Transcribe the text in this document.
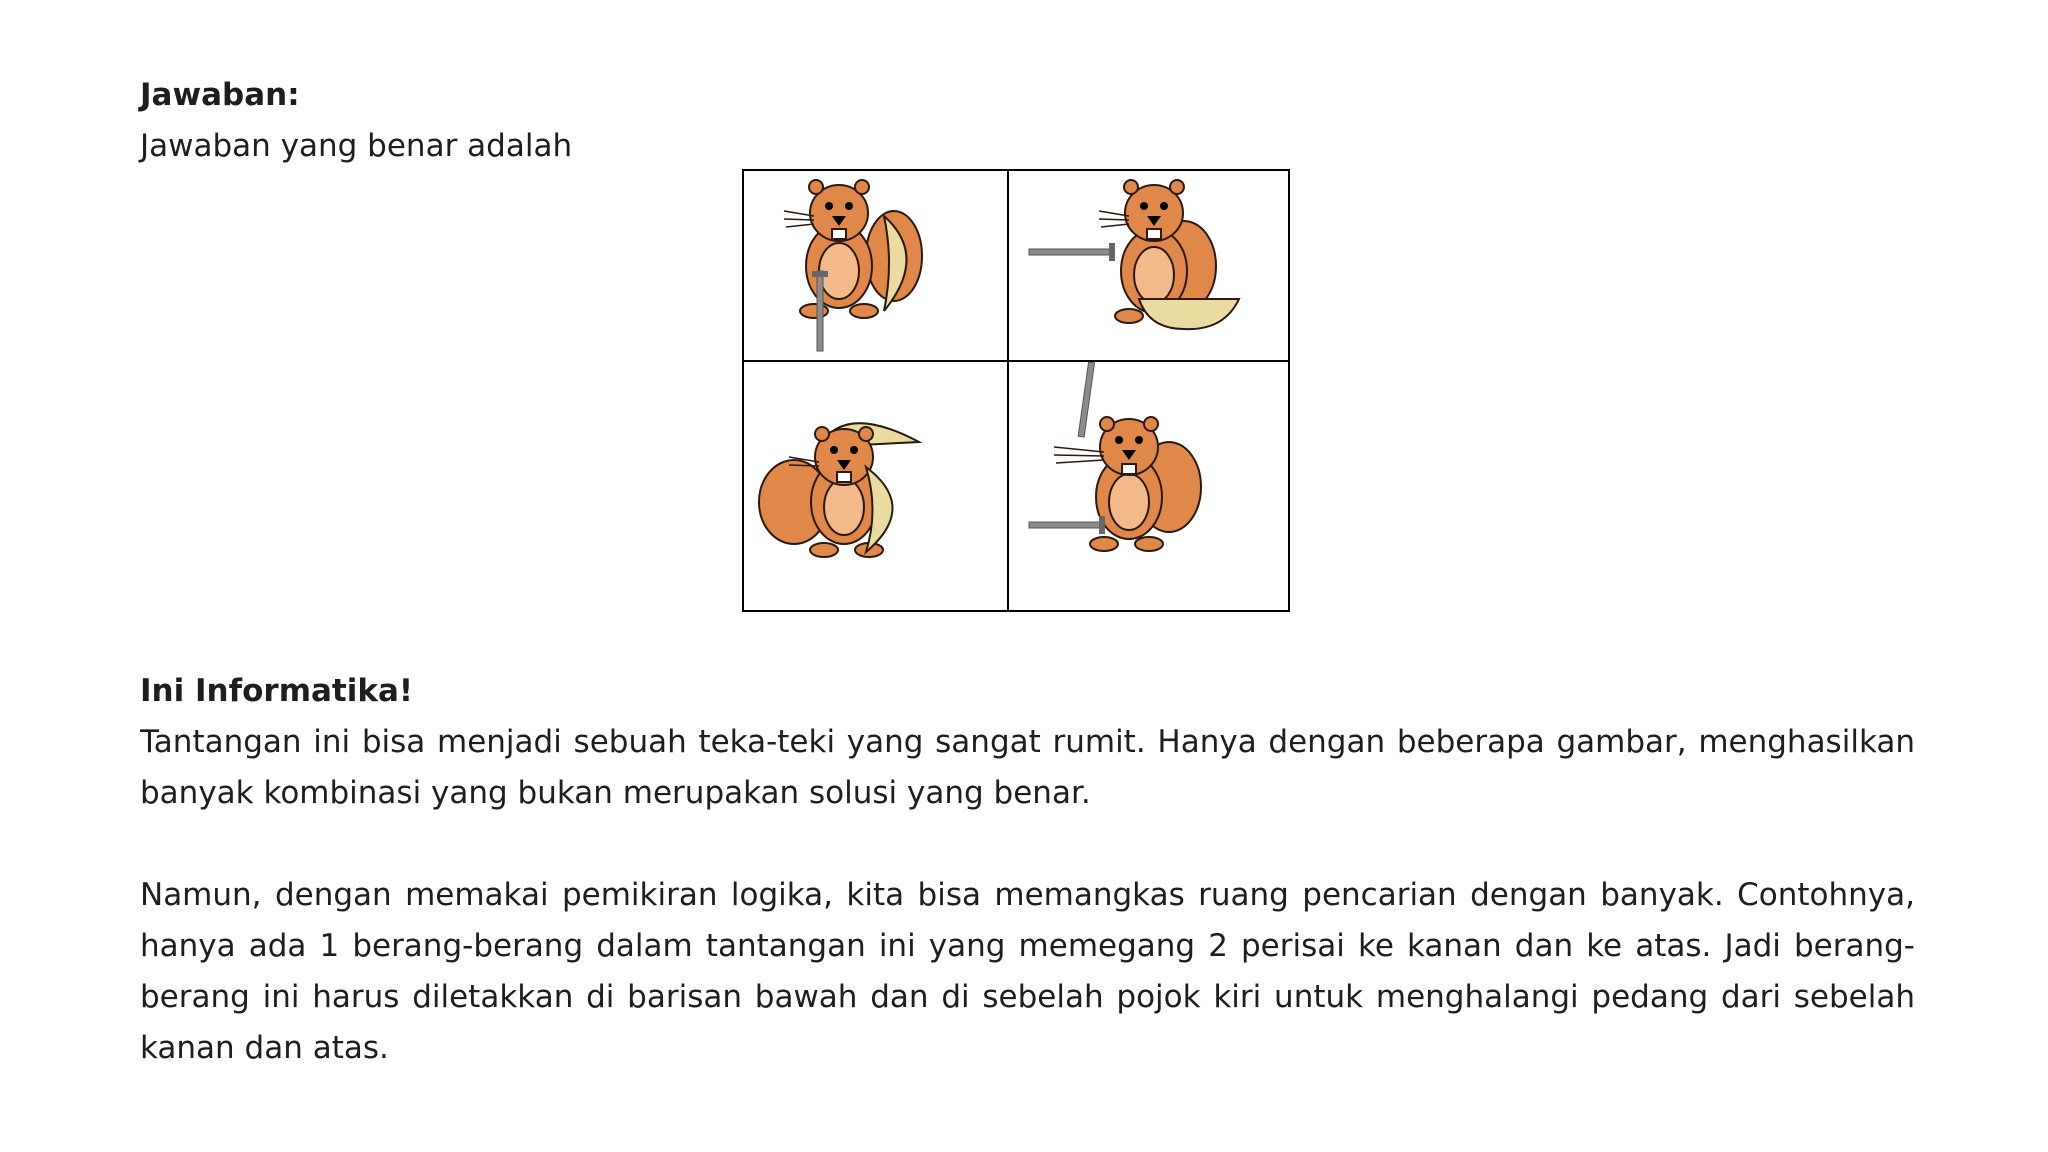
Jawaban:

Jawaban yang benar adalah

Ini Informatika!

Tantangan ini bisa menjadi sebuah teka-teki yang sangat rumit. Hanya dengan beberapa gambar, menghasilkan banyak kombinasi yang bukan merupakan solusi yang benar.

Namun, dengan memakai pemikiran logika, kita bisa memangkas ruang pencarian dengan banyak. Contohnya, hanya ada 1 berang-berang dalam tantangan ini yang memegang 2 perisai ke kanan dan ke atas. Jadi berang-berang ini harus diletakkan di barisan bawah dan di sebelah pojok kiri untuk menghalangi pedang dari sebelah kanan dan atas.
